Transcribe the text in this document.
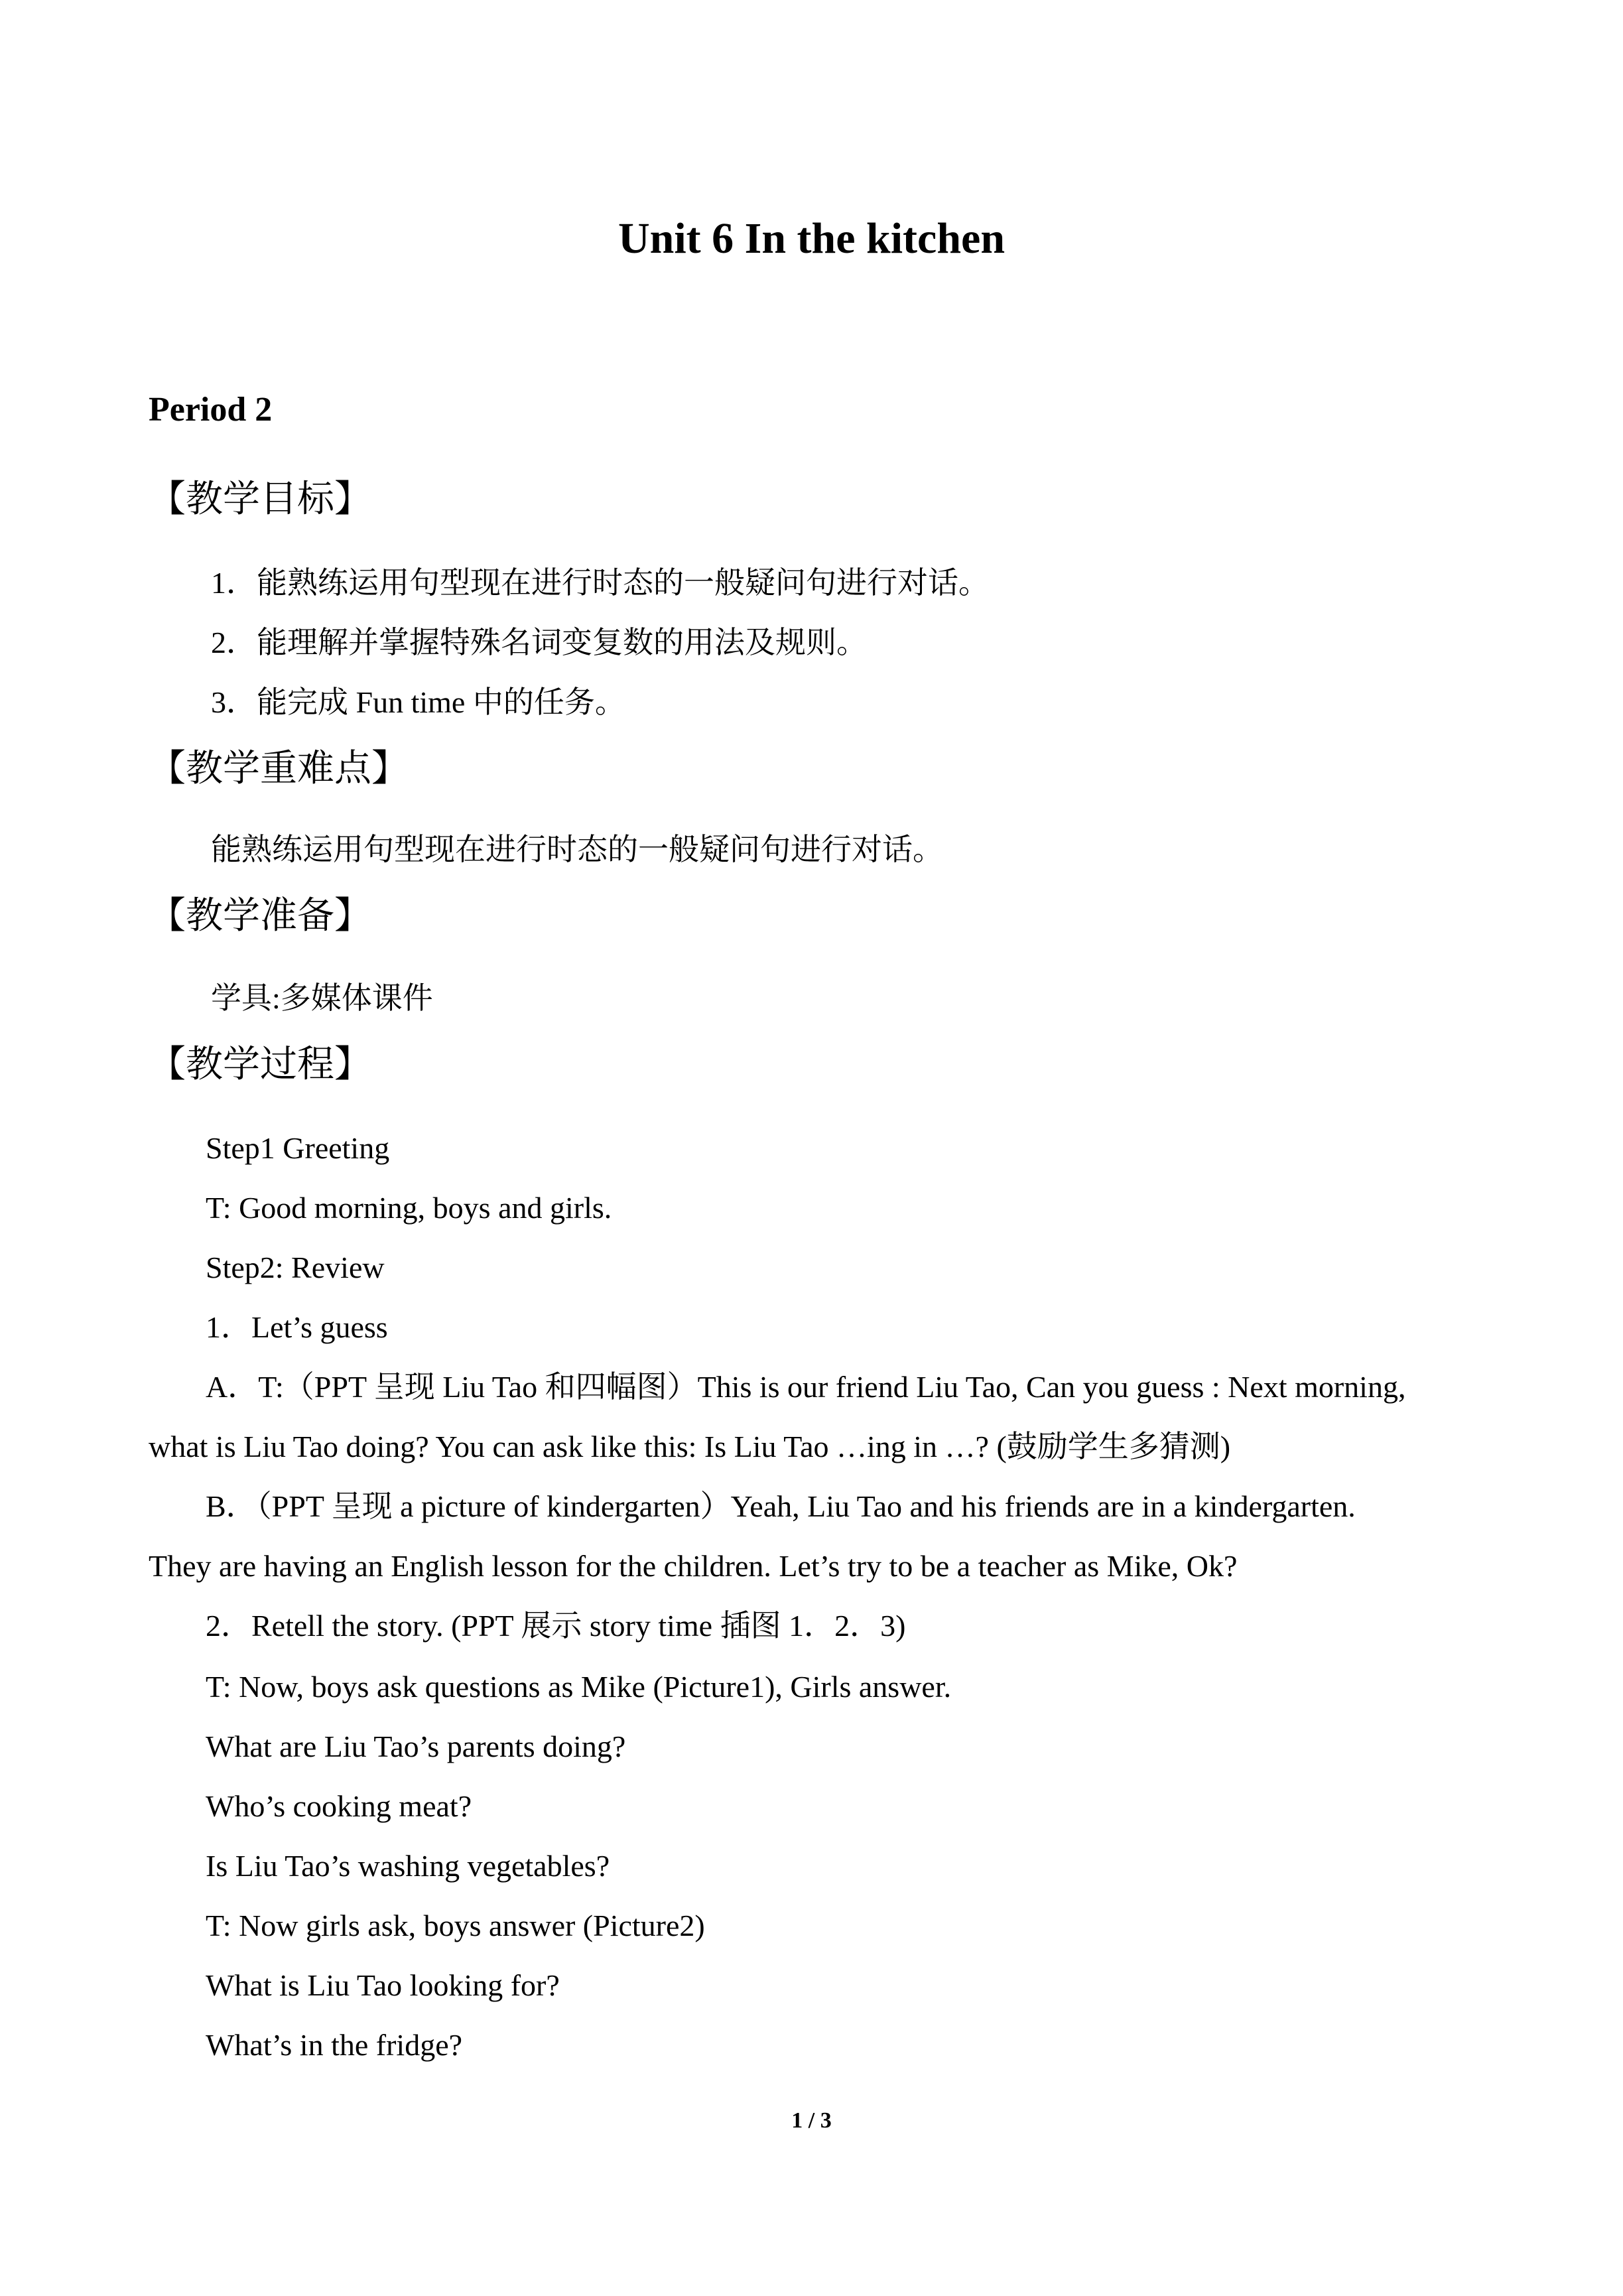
Unit 6 In the kitchen
Period 2
【教学目标】
1．能熟练运用句型现在进行时态的一般疑问句进行对话。
2．能理解并掌握特殊名词变复数的用法及规则。
3．能完成 Fun time 中的任务。
【教学重难点】
能熟练运用句型现在进行时态的一般疑问句进行对话。
【教学准备】
学具:多媒体课件
【教学过程】
Step1 Greeting
T: Good morning, boys and girls.
Step2: Review
1．Let’s guess
A．T:（PPT 呈现 Liu Tao 和四幅图）This is our friend Liu Tao, Can you guess : Next morning,
what is Liu Tao doing? You can ask like this: Is Liu Tao …ing in …? (鼓励学生多猜测)
B．（PPT 呈现 a picture of kindergarten）Yeah, Liu Tao and his friends are in a kindergarten.
They are having an English lesson for the children. Let’s try to be a teacher as Mike, Ok?
2．Retell the story. (PPT 展示 story time 插图 1．2．3)
T: Now, boys ask questions as Mike (Picture1), Girls answer.
What are Liu Tao’s parents doing?
Who’s cooking meat?
Is Liu Tao’s washing vegetables?
T: Now girls ask, boys answer (Picture2)
What is Liu Tao looking for?
What’s in the fridge?
1 / 3
